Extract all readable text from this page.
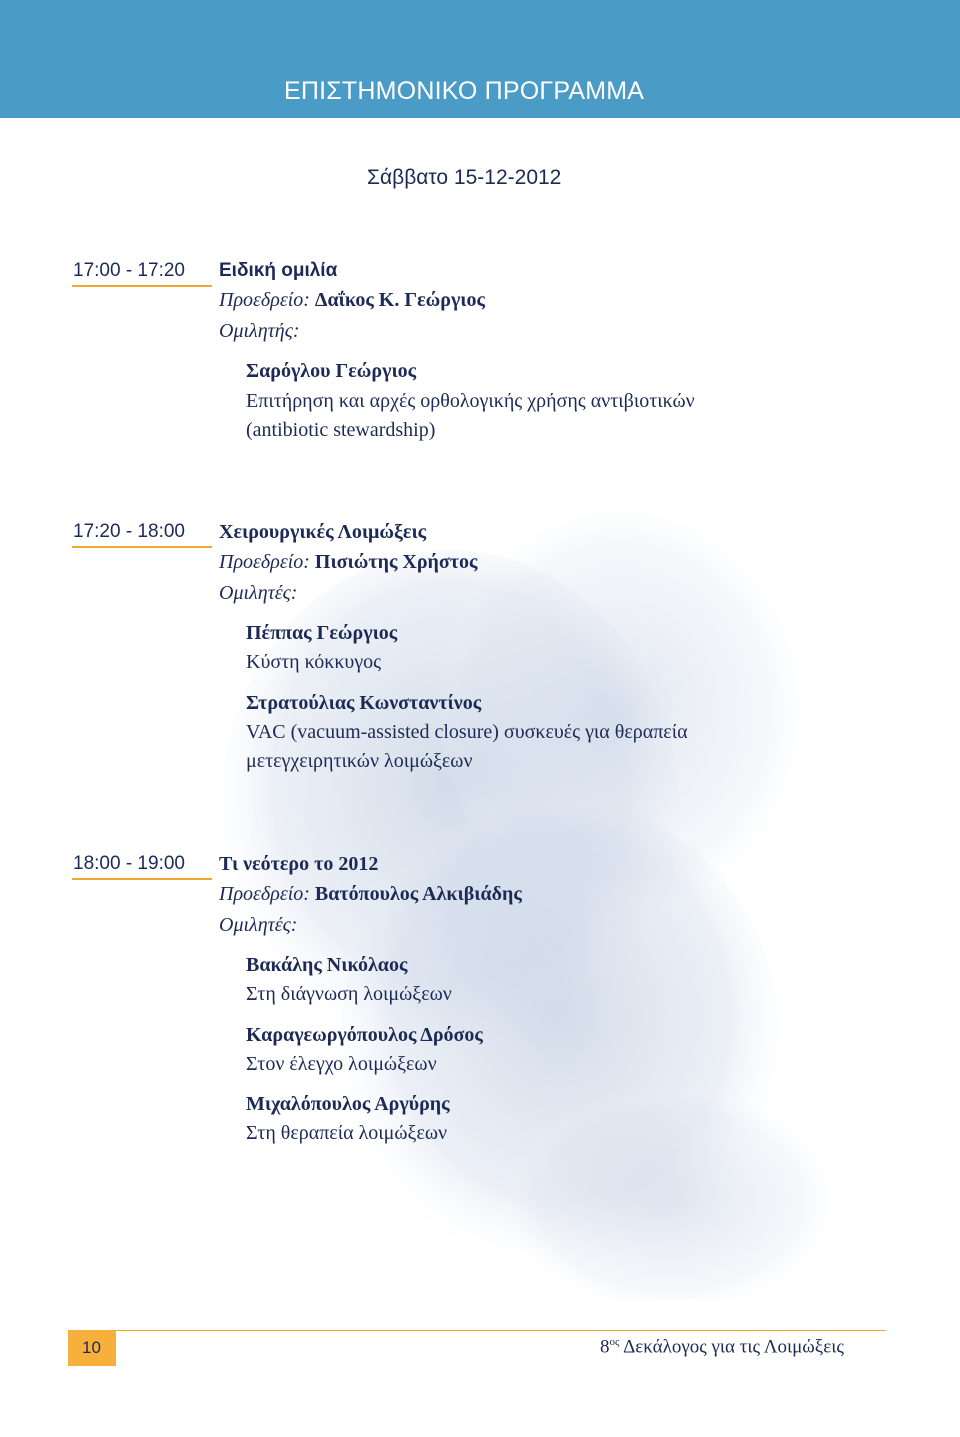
ΕΠΙΣΤΗΜΟΝΙΚΟ ΠΡΟΓΡΑΜΜΑ
Σάββατο 15-12-2012
17:00 - 17:20 Ειδική ομιλία
Προεδρείο: Δαΐκος Κ. Γεώργιος
Ομιλητής:
Σαρόγλου Γεώργιος
Επιτήρηση και αρχές ορθολογικής χρήσης αντιβιοτικών
(antibiotic stewardship)
17:20 - 18:00 Χειρουργικές Λοιμώξεις
Προεδρείο: Πισιώτης Χρήστος
Ομιλητές:
Πέππας Γεώργιος
Κύστη κόκκυγος
Στρατούλιας Κωνσταντίνος
VAC (vacuum-assisted closure) συσκευές για θεραπεία
μετεγχειρητικών λοιμώξεων
18:00 - 19:00 Τι νεότερο το 2012
Προεδρείο: Βατόπουλος Αλκιβιάδης
Ομιλητές:
Βακάλης Νικόλαος
Στη διάγνωση λοιμώξεων
Καραγεωργόπουλος Δρόσος
Στον έλεγχο λοιμώξεων
Μιχαλόπουλος Αργύρης
Στη θεραπεία λοιμώξεων
10	$8^{o\varsigma}$ Δεκάλογος για τις Λοιμώξεις
